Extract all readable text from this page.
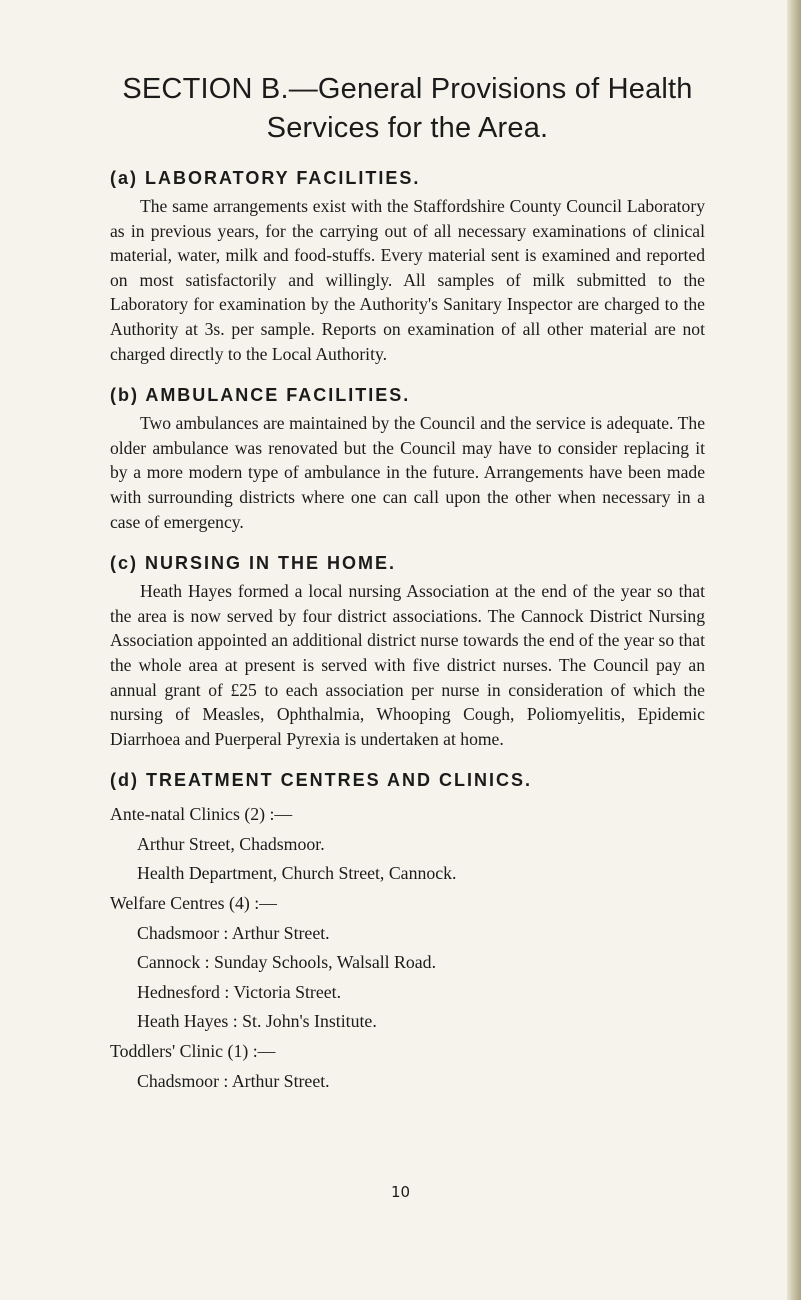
SECTION B.—General Provisions of Health
Services for the Area.

(a) LABORATORY FACILITIES.

The same arrangements exist with the Staffordshire County Council Laboratory as in previous years, for the carrying out of all necessary examinations of clinical material, water, milk and food-stuffs. Every material sent is examined and reported on most satisfactorily and willingly. All samples of milk submitted to the Laboratory for examination by the Authority's Sanitary Inspector are charged to the Authority at 3s. per sample. Reports on examination of all other material are not charged directly to the Local Authority.

(b) AMBULANCE FACILITIES.

Two ambulances are maintained by the Council and the service is adequate. The older ambulance was renovated but the Council may have to consider replacing it by a more modern type of ambulance in the future. Arrangements have been made with surrounding districts where one can call upon the other when necessary in a case of emergency.

(c) NURSING IN THE HOME.

Heath Hayes formed a local nursing Association at the end of the year so that the area is now served by four district associations. The Cannock District Nursing Association appointed an additional district nurse towards the end of the year so that the whole area at present is served with five district nurses. The Council pay an annual grant of £25 to each association per nurse in consideration of which the nursing of Measles, Ophthalmia, Whooping Cough, Poliomyelitis, Epidemic Diarrhoea and Puerperal Pyrexia is undertaken at home.

(d) TREATMENT CENTRES AND CLINICS.

Ante-natal Clinics (2) :—

Arthur Street, Chadsmoor.

Health Department, Church Street, Cannock.

Welfare Centres (4) :—

Chadsmoor : Arthur Street.

Cannock : Sunday Schools, Walsall Road.

Hednesford : Victoria Street.

Heath Hayes : St. John's Institute.

Toddlers' Clinic (1) :—

Chadsmoor : Arthur Street.

10
